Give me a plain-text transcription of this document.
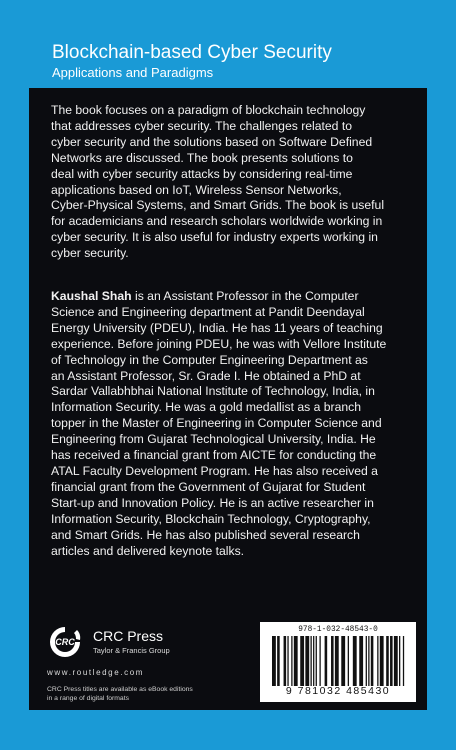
Blockchain-based Cyber Security
Applications and Paradigms

The book focuses on a paradigm of blockchain technology
that addresses cyber security. The challenges related to
cyber security and the solutions based on Software Defined
Networks are discussed. The book presents solutions to
deal with cyber security attacks by considering real-time
applications based on IoT, Wireless Sensor Networks,
Cyber-Physical Systems, and Smart Grids. The book is useful
for academicians and research scholars worldwide working in
cyber security. It is also useful for industry experts working in
cyber security.

Kaushal Shah is an Assistant Professor in the Computer
Science and Engineering department at Pandit Deendayal
Energy University (PDEU), India. He has 11 years of teaching
experience. Before joining PDEU, he was with Vellore Institute
of Technology in the Computer Engineering Department as
an Assistant Professor, Sr. Grade I. He obtained a PhD at
Sardar Vallabhbhai National Institute of Technology, India, in
Information Security. He was a gold medallist as a branch
topper in the Master of Engineering in Computer Science and
Engineering from Gujarat Technological University, India. He
has received a financial grant from AICTE for conducting the
ATAL Faculty Development Program. He has also received a
financial grant from the Government of Gujarat for Student
Start-up and Innovation Policy. He is an active researcher in
Information Security, Blockchain Technology, Cryptography,
and Smart Grids. He has also published several research
articles and delivered keynote talks.

CRC CRC Press
Taylor & Francis Group
www.routledge.com
CRC Press titles are available as eBook editions
in a range of digital formats
978-1-032-48543-0
9 781032 485430
